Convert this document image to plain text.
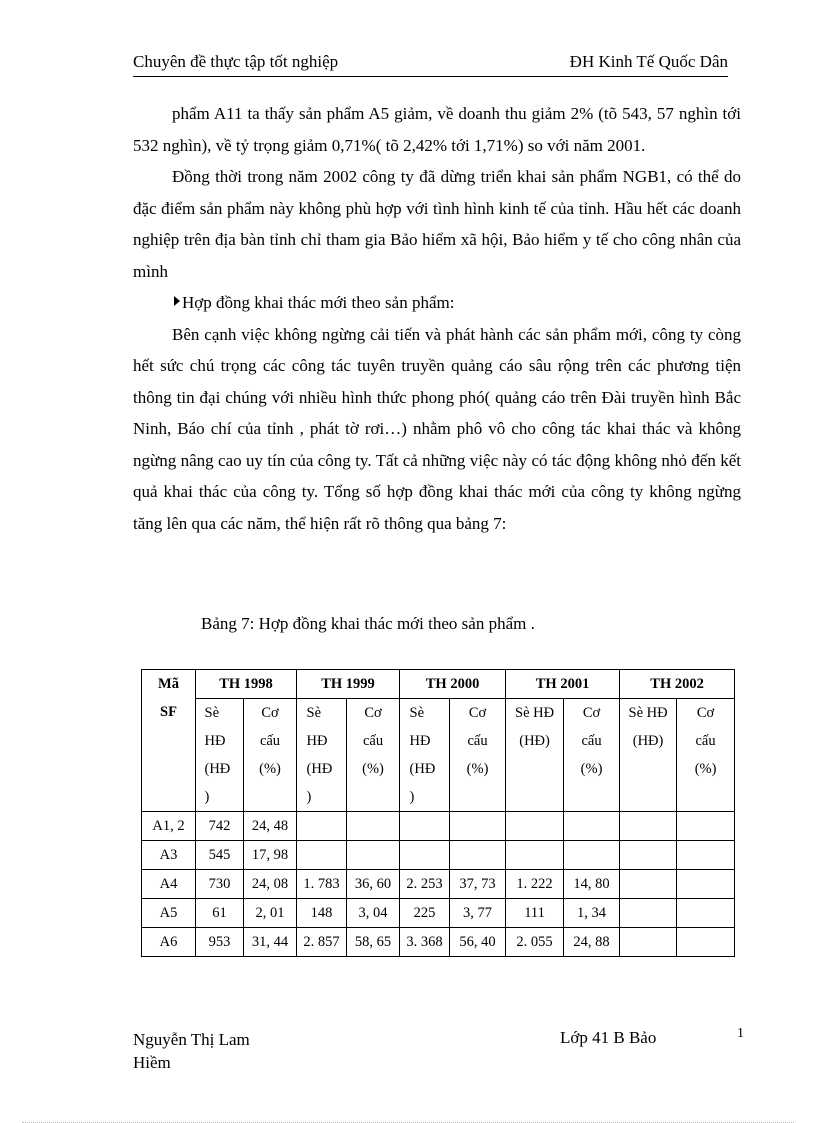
Chuyên đề thực tập tốt nghiệp	ĐH Kinh Tế Quốc Dân

phẩm A11 ta thấy sản phẩm A5 giảm, về doanh thu giảm 2% (tõ 543, 57 nghìn tới 532 nghìn), về tỷ trọng giảm 0,71%( tõ 2,42% tới 1,71%) so với năm 2001.

Đồng thời trong năm 2002 công ty đã dừng triển khai sản phẩm NGB1, có thể do đặc điểm sản phẩm này không phù hợp với tình hình kinh tế của tỉnh. Hầu hết các doanh nghiệp trên địa bàn tỉnh chỉ tham gia Bảo hiểm xã hội, Bảo hiểm y tế cho công nhân của mình

Hợp đồng khai thác mới theo sản phẩm:

Bên cạnh việc không ngừng cải tiến và phát hành các sản phẩm mới, công ty còng hết sức chú trọng các công tác tuyên truyền quảng cáo sâu rộng trên các phương tiện thông tin đại chúng với nhiều hình thức phong phó( quảng cáo trên Đài truyền hình Bắc Ninh, Báo chí của tỉnh , phát tờ rơi…) nhằm phô vô cho công tác khai thác và không ngừng nâng cao uy tín của công ty. Tất cả những việc này có tác động không nhỏ đến kết quả khai thác của công ty. Tổng số hợp đồng khai thác mới của công ty không ngừng tăng lên qua các năm, thể hiện rất rõ thông qua bảng 7:

Bảng 7: Hợp đồng khai thác mới theo sản phẩm .
Mã SF	TH 1998		TH 1999		TH 2000		TH 2001		TH 2002	

	Sè HĐ (HĐ )	Cơ cấu (%)	Sè HĐ (HĐ )	Cơ cấu (%)	Sè HĐ (HĐ )	Cơ cấu (%)	Sè HĐ (HĐ)	Cơ cấu (%)	Sè HĐ (HĐ)	Cơ cấu (%)

A1, 2	742	24, 48								
A3	545	17, 98								
A4	730	24, 08	1. 783	36, 60	2. 253	37, 73	1. 222	14, 80		
A5	61	2, 01	148	3, 04	225	3, 77	111	1, 34		
A6	953	31, 44	2. 857	58, 65	3. 368	56, 40	2. 055	24, 88		
Nguyễn Thị Lam Hiềm
Lớp 41 B Bảo	1
